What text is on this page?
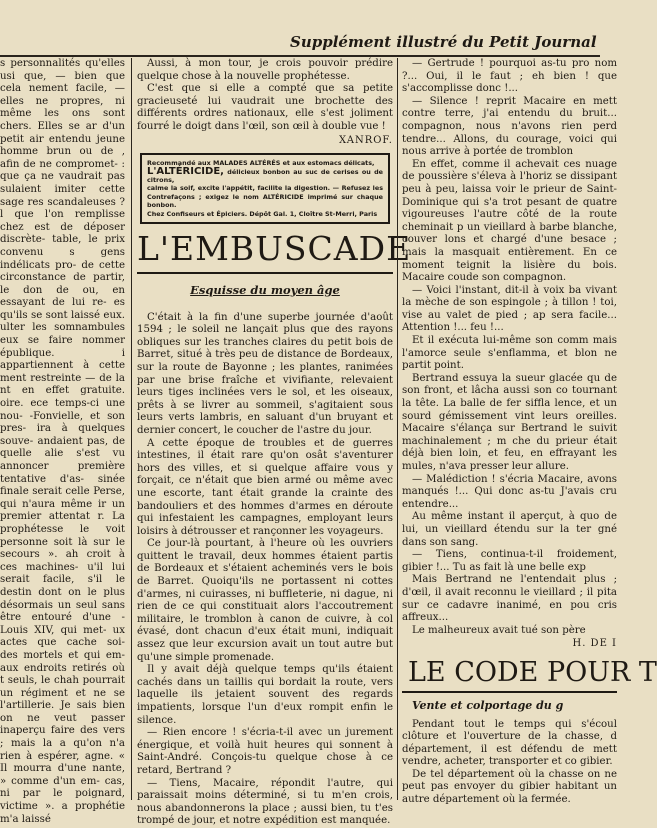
Supplément illustré du Petit Journal

s personnalités qu'elles usi que, — bien que cela nement facile, — elles ne propres, ni même les ons sont chers. Elles se ar d'un petit air entendu jeune homme brun ou de , afin de ne compromet- : que ça ne vaudrait pas sulaient imiter cette sage res scandaleuses ? l que l'on remplisse chez est de déposer discrète- table, le prix convenu s gens indélicats pro- de cette circonstance de partir, le don de ou, en essayant de lui re- es qu'ils se sont laissé eux. ulter les somnambules eux se faire nommer épublique. i appartiennent à cette ment restreinte — de la nt en effet gratuite. oire. ece temps-ci une nou- -Fonvielle, et son pres- ira à quelques souve- andaient pas, de quelle alie s'est vu annoncer première tentative d'as- sinée finale serait celle Perse, qui n'aura même ir un premier attentat r. La prophétesse le voit personne soit là sur le secours ». ah croit à ces machines- u'il lui serait facile, s'il le destin dont on le plus désormais un seul sans être entouré d'une - Louis XIV, qui met- ux actes que cache soi- des mortels et qui em- aux endroits retirés où t seuls, le chah pourrait un régiment et ne se l'artillerie. Je sais bien on ne veut passer inaperçu faire des vers ; mais la a qu'on n'a rien à espérer, agne. « Il mourra d'une nante, » comme d'un em- cas, ni par le poignard, victime ». a prophétie m'a laissé

Aussi, à mon tour, je crois pouvoir prédire quelque chose à la nouvelle prophétesse.

C'est que si elle a compté que sa petite gracieuseté lui vaudrait une brochette des différents ordres nationaux, elle s'est joliment fourré le doigt dans l'œil, son œil à double vue !

XANROF.
Recommandé aux MALADES ALTÉRÉS et aux estomacs délicats,
L'ALTÉRICIDE, délicieux bonbon au suc de cerises ou de citrons,
calme la soif, excite l'appétit, facilite la digestion. — Refusez les Contrefaçons ; exigez le nom ALTÉRICIDE imprimé sur chaque bonbon.
Chez Confiseurs et Épiciers. Dépôt Gal. 1, Cloître St-Merri, Paris
L'EMBUSCADE
Esquisse du moyen âge

C'était à la fin d'une superbe journée d'août 1594 ; le soleil ne lançait plus que des rayons obliques sur les tranches claires du petit bois de Barret, situé à très peu de distance de Bordeaux, sur la route de Bayonne ; les plantes, ranimées par une brise fraîche et vivifiante, relevaient leurs tiges inclinées vers le sol, et les oiseaux, prêts à se livrer au sommeil, s'agitaient sous leurs verts lambris, en saluant d'un bruyant et dernier concert, le coucher de l'astre du jour.

A cette époque de troubles et de guerres intestines, il était rare qu'on osât s'aventurer hors des villes, et si quelque affaire vous y forçait, ce n'était que bien armé ou même avec une escorte, tant était grande la crainte des bandouliers et des hommes d'armes en déroute qui infestaient les campagnes, employant leurs loisirs à détrousser et rançonner les voyageurs.

Ce jour-là pourtant, à l'heure où les ouvriers quittent le travail, deux hommes étaient partis de Bordeaux et s'étaient acheminés vers le bois de Barret. Quoiqu'ils ne portassent ni cottes d'armes, ni cuirasses, ni buffleterie, ni dague, ni rien de ce qui constituait alors l'accoutrement militaire, le tromblon à canon de cuivre, à col évasé, dont chacun d'eux était muni, indiquait assez que leur excursion avait un tout autre but qu'une simple promenade.

Il y avait déjà quelque temps qu'ils étaient cachés dans un taillis qui bordait la route, vers laquelle ils jetaient souvent des regards impatients, lorsque l'un d'eux rompit enfin le silence.

— Rien encore ! s'écria-t-il avec un jurement énergique, et voilà huit heures qui sonnent à Saint-André. Conçois-tu quelque chose à ce retard, Bertrand ?

— Tiens, Macaire, répondit l'autre, qui paraissait moins déterminé, si tu m'en crois, nous abandonnerons la place ; aussi bien, tu t'es trompé de jour, et notre expédition est manquée.

— Gertrude ! pourquoi as-tu pro nom ?... Oui, il le faut ; eh bien ! que s'accomplisse donc !...

— Silence ! reprit Macaire en mett contre terre, j'ai entendu du bruit... compagnon, nous n'avons rien perd tendre... Allons, du courage, voici qui nous arrive à portée de tromblon

En effet, comme il achevait ces nuage de poussière s'éleva à l'horiz se dissipant peu à peu, laissa voir le prieur de Saint-Dominique qui s'a trot pesant de quatre vigoureuses l'autre côté de la route cheminait p un vieillard à barbe blanche, couver lons et chargé d'une besace ; mais la masquait entièrement. En ce moment teignit la lisière du bois. Macaire coude son compagnon.

— Voici l'instant, dit-il à voix ba vivant la mèche de son espingole ; à tillon ! toi, vise au valet de pied ; ap sera facile... Attention !... feu !...

Et il exécuta lui-même son comm mais l'amorce seule s'enflamma, et blon ne partit point.

Bertrand essuya la sueur glacée qu de son front, et lâcha aussi son co tournant la tête. La balle de fer siffla lence, et un sourd gémissement vint leurs oreilles. Macaire s'élança sur Bertrand le suivit machinalement ; m che du prieur était déjà bien loin, et feu, en effrayant les mules, n'ava presser leur allure.

— Malédiction ! s'écria Macaire, avons manqués !... Qui donc as-tu J'avais cru entendre...

Au même instant il aperçut, à quo de lui, un vieillard étendu sur la ter gné dans son sang.

— Tiens, continua-t-il froidement, gibier !... Tu as fait là une belle exp

Mais Bertrand ne l'entendait plus ; d'œil, il avait reconnu le vieillard ; il pita sur ce cadavre inanimé, en pou cris affreux...

Le malheureux avait tué son père

H. DE I
LE CODE POUR T
Vente et colportage du g

Pendant tout le temps qui s'écoul clôture et l'ouverture de la chasse, d département, il est défendu de mett vendre, acheter, transporter et co gibier.

De tel département où la chasse on ne peut pas envoyer du gibier habitant un autre département où la fermée.
